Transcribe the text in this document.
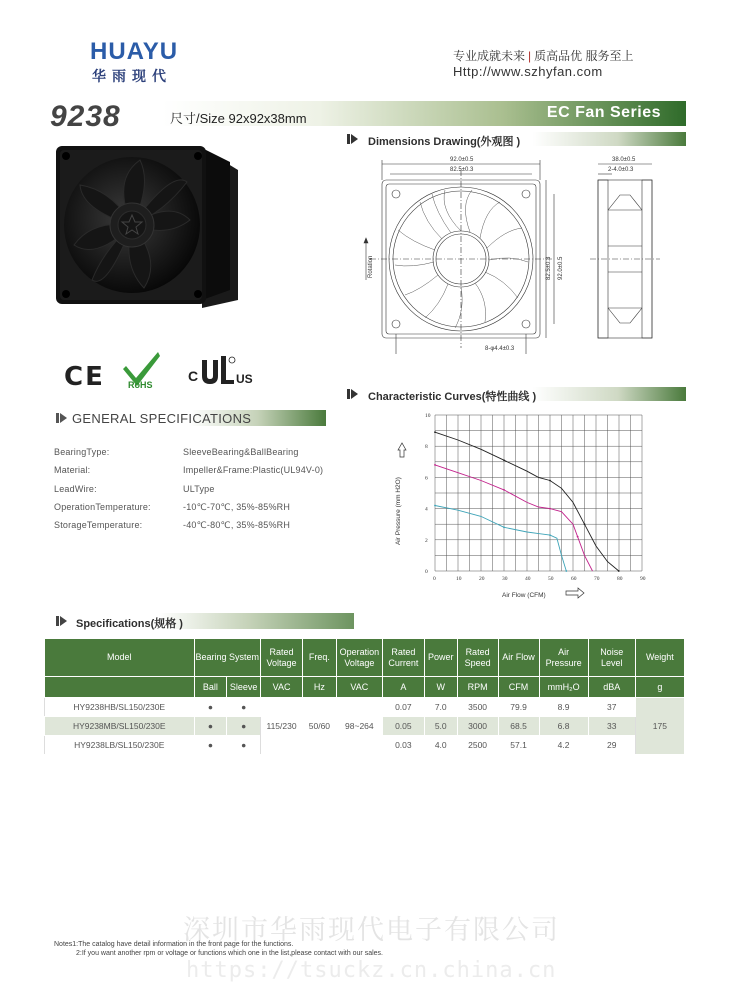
HUAYU
华雨现代
专业成就未来 | 质高品优 服务至上
Http://www.szhyfan.com
9238	尺寸/Size 92x92x38mm	EC Fan Series
CE	RoHS
C	US
Dimensions Drawing(外观图 )
92.0±0.5
82.5±0.3
38.0±0.5
2-4.0±0.3
8-φ4.4±0.3
82.5±0.3 92.0±0.5
Rotation
GENERAL SPECIFICATIONS
BearingType:	SleeveBearing&BallBearing
Material:	Impeller&Frame:Plastic(UL94V-0)
LeadWire:	ULType
OperationTemperature:	-10℃-70℃, 35%-85%RH
StorageTemperature:	-40℃-80℃, 35%-85%RH
Characteristic Curves(特性曲线 )
0	10	20	30	40	50	60	70	80	90
0
2
4
6
8
10
Air Pressure (mm H2O)
Air Flow (CFM)
Specifications(规格 )
Model	Bearing System		Rated Voltage	Freq.	Operation Voltage	Rated Current	Power	Rated Speed	Air Flow	Air Pressure	Noise Level	Weight
	Ball	Sleeve	VAC	Hz	VAC	A	W	RPM	CFM	mmH₂O	dBA	g
HY9238HB/SL150/230E	●	●	115/230	50/60	98~264	0.07	7.0	3500	79.9	8.9	37	175
HY9238MB/SL150/230E	●	●				0.05	5.0	3000	68.5	6.8	33	
HY9238LB/SL150/230E	●	●				0.03	4.0	2500	57.1	4.2	29	
深圳市华雨现代电子有限公司
Notes1:The catalog have detail information in the front page for the functions.
2:If you want another rpm or voltage or functions which one in the list,please contact with our sales.
https://tsuckz.cn.china.cn
